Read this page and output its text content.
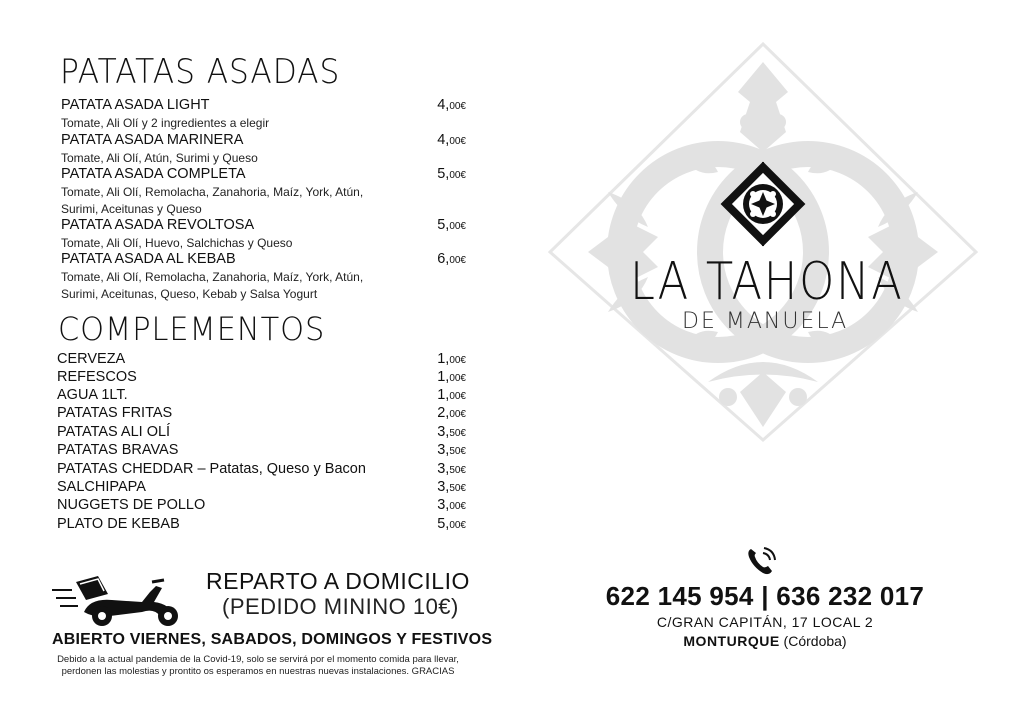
PATATAS ASADAS
PATATA ASADA LIGHT	4,00€
Tomate, Ali Olí y 2 ingredientes a elegir
PATATA ASADA MARINERA	4,00€
Tomate, Ali Olí, Atún, Surimi y Queso
PATATA ASADA COMPLETA	5,00€
Tomate, Ali Olí, Remolacha, Zanahoria, Maíz, York, Atún,
Surimi, Aceitunas y Queso
PATATA ASADA REVOLTOSA	5,00€
Tomate, Ali Olí, Huevo, Salchichas y Queso
PATATA ASADA AL KEBAB	6,00€
Tomate, Ali Olí, Remolacha, Zanahoria, Maíz, York, Atún,
Surimi, Aceitunas, Queso, Kebab y Salsa Yogurt
COMPLEMENTOS
CERVEZA	1,00€
REFESCOS	1,00€
AGUA 1LT.	1,00€
PATATAS FRITAS	2,00€
PATATAS ALI OLÍ	3,50€
PATATAS BRAVAS	3,50€
PATATAS CHEDDAR – Patatas, Queso y Bacon	3,50€
SALCHIPAPA	3,50€
NUGGETS DE POLLO	3,00€
PLATO DE KEBAB	5,00€
REPARTO A DOMICILIO
(PEDIDO MININO 10€)
ABIERTO VIERNES, SABADOS, DOMINGOS Y FESTIVOS
Debido a la actual pandemia de la Covid-19, solo se servirá por el momento comida para llevar, perdonen las molestias y prontito os esperamos en nuestras nuevas instalaciones. GRACIAS
LA TAHONA
DE MANUELA
622 145 954 | 636 232 017
C/GRAN CAPITÁN, 17 LOCAL 2
MONTURQUE (Córdoba)
